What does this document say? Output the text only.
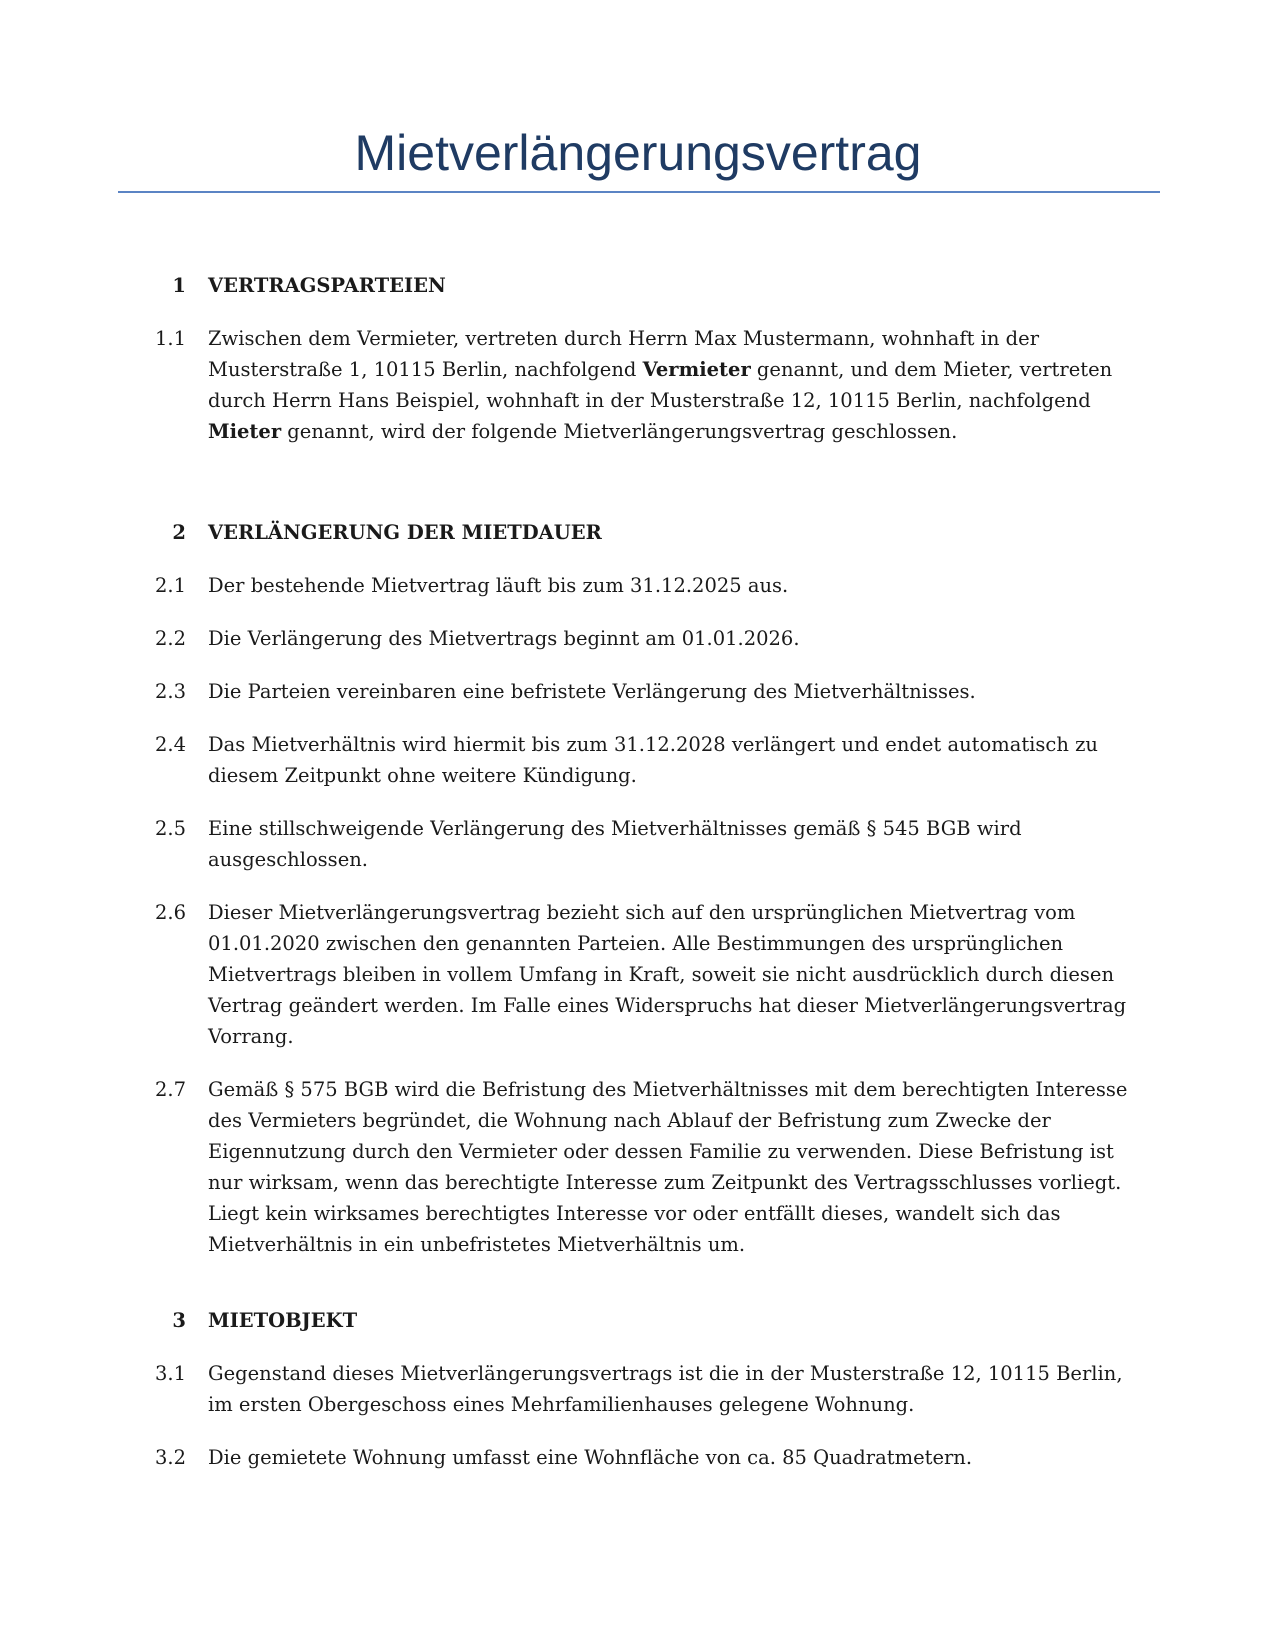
Mietverlängerungsvertrag
1 VERTRAGSPARTEIEN
1.1 Zwischen dem Vermieter, vertreten durch Herrn Max Mustermann, wohnhaft in der Musterstraße 1, 10115 Berlin, nachfolgend Vermieter genannt, und dem Mieter, vertreten durch Herrn Hans Beispiel, wohnhaft in der Musterstraße 12, 10115 Berlin, nachfolgend Mieter genannt, wird der folgende Mietverlängerungsvertrag geschlossen.
2 VERLÄNGERUNG DER MIETDAUER
2.1 Der bestehende Mietvertrag läuft bis zum 31.12.2025 aus.
2.2 Die Verlängerung des Mietvertrags beginnt am 01.01.2026.
2.3 Die Parteien vereinbaren eine befristete Verlängerung des Mietverhältnisses.
2.4 Das Mietverhältnis wird hiermit bis zum 31.12.2028 verlängert und endet automatisch zu diesem Zeitpunkt ohne weitere Kündigung.
2.5 Eine stillschweigende Verlängerung des Mietverhältnisses gemäß § 545 BGB wird ausgeschlossen.
2.6 Dieser Mietverlängerungsvertrag bezieht sich auf den ursprünglichen Mietvertrag vom 01.01.2020 zwischen den genannten Parteien. Alle Bestimmungen des ursprünglichen Mietvertrags bleiben in vollem Umfang in Kraft, soweit sie nicht ausdrücklich durch diesen Vertrag geändert werden. Im Falle eines Widerspruchs hat dieser Mietverlängerungsvertrag Vorrang.
2.7 Gemäß § 575 BGB wird die Befristung des Mietverhältnisses mit dem berechtigten Interesse des Vermieters begründet, die Wohnung nach Ablauf der Befristung zum Zwecke der Eigennutzung durch den Vermieter oder dessen Familie zu verwenden. Diese Befristung ist nur wirksam, wenn das berechtigte Interesse zum Zeitpunkt des Vertragsschlusses vorliegt. Liegt kein wirksames berechtigtes Interesse vor oder entfällt dieses, wandelt sich das Mietverhältnis in ein unbefristetes Mietverhältnis um.
3 MIETOBJEKT
3.1 Gegenstand dieses Mietverlängerungsvertrags ist die in der Musterstraße 12, 10115 Berlin, im ersten Obergeschoss eines Mehrfamilienhauses gelegene Wohnung.
3.2 Die gemietete Wohnung umfasst eine Wohnfläche von ca. 85 Quadratmetern.
